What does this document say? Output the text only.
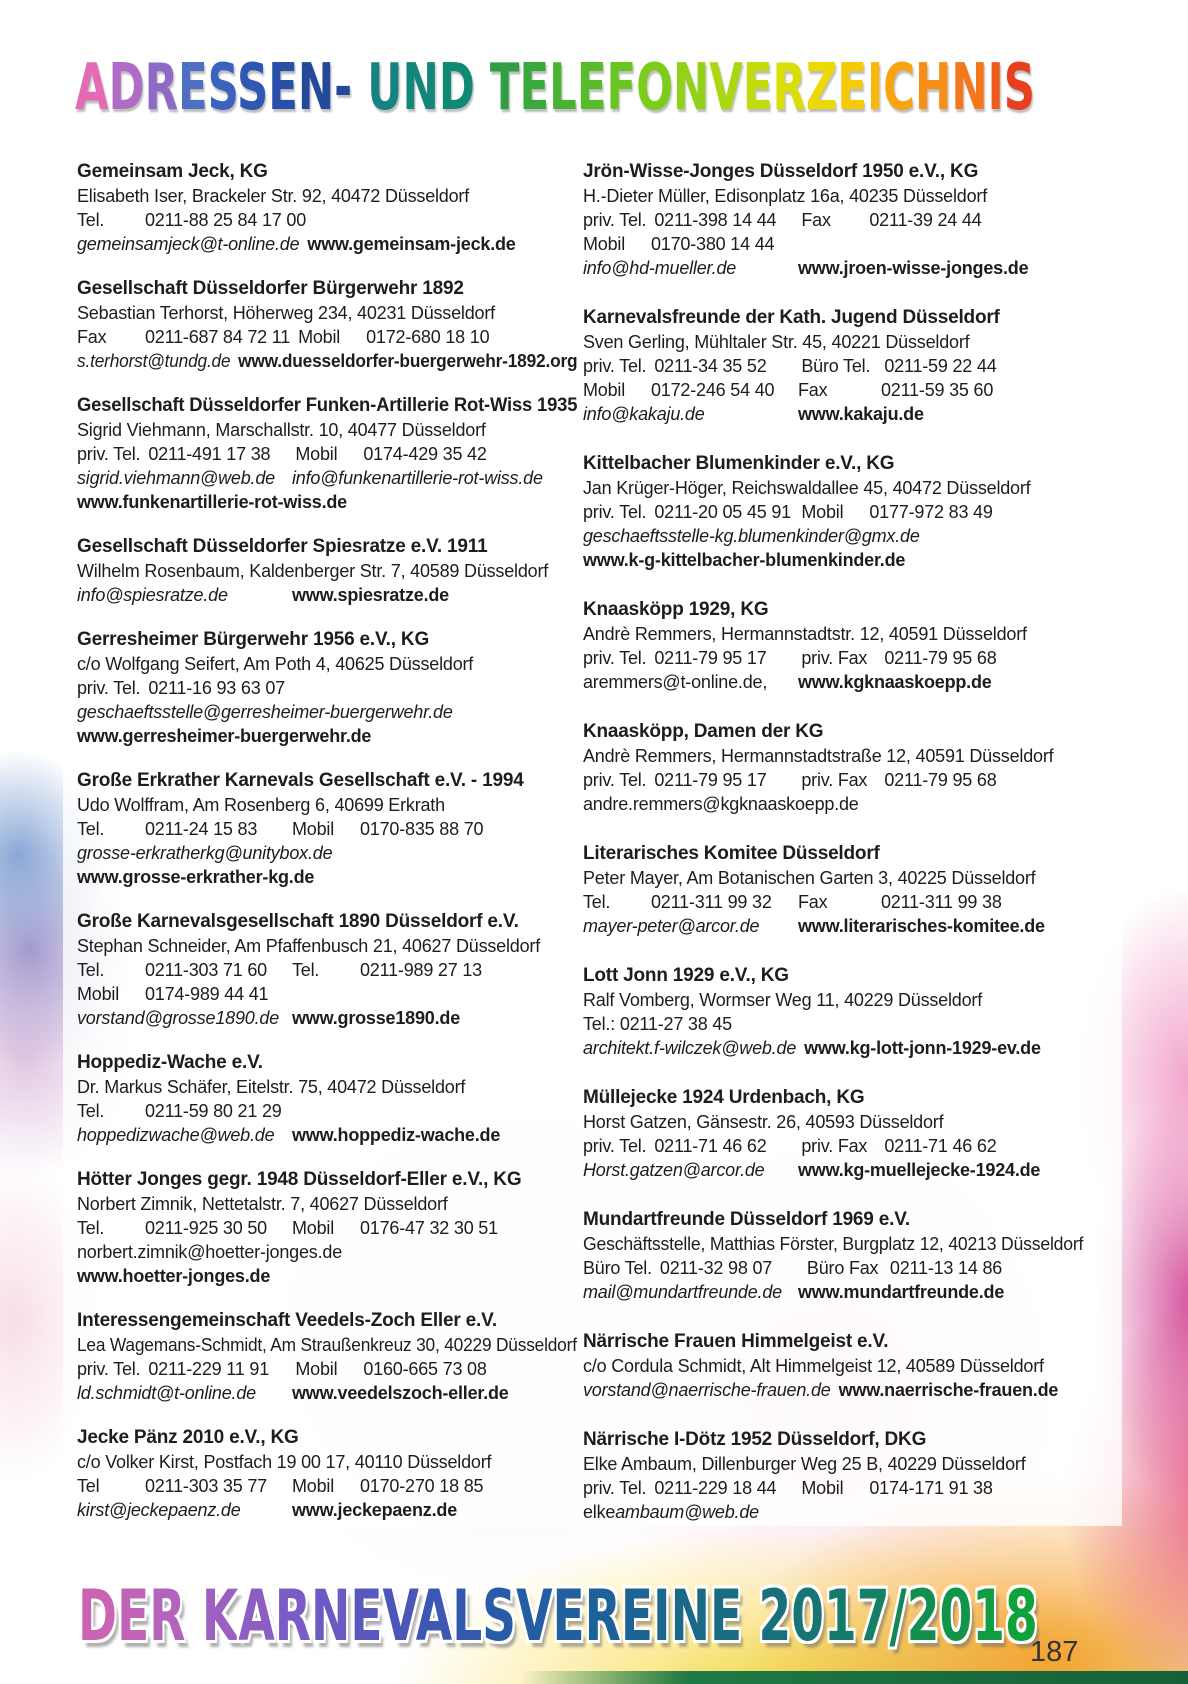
ADRESSEN- UND TELEFONVERZEICHNIS
Gemeinsam Jeck, KG
Elisabeth Iser, Brackeler Str. 92, 40472 Düsseldorf
Tel.	0211-88 25 84 17 00
gemeinsamjeck@t-online.de www.gemeinsam-jeck.de
Gesellschaft Düsseldorfer Bürgerwehr 1892
Sebastian Terhorst, Höherweg 234, 40231 Düsseldorf
Fax	0211-687 84 72 11 Mobil	0172-680 18 10
s.terhorst@tundg.de www.duesseldorfer-buergerwehr-1892.org
Gesellschaft Düsseldorfer Funken-Artillerie Rot-Wiss 1935
Sigrid Viehmann, Marschallstr. 10, 40477 Düsseldorf
priv. Tel. 0211-491 17 38	Mobil	0174-429 35 42
sigrid.viehmann@web.de info@funkenartillerie-rot-wiss.de
www.funkenartillerie-rot-wiss.de
Gesellschaft Düsseldorfer Spiesratze e.V. 1911
Wilhelm Rosenbaum, Kaldenberger Str. 7, 40589 Düsseldorf
info@spiesratze.de	www.spiesratze.de
Gerresheimer Bürgerwehr 1956 e.V., KG
c/o Wolfgang Seifert, Am Poth 4, 40625 Düsseldorf
priv. Tel. 0211-16 93 63 07
geschaeftsstelle@gerresheimer-buergerwehr.de
www.gerresheimer-buergerwehr.de
Große Erkrather Karnevals Gesellschaft e.V. - 1994
Udo Wolffram, Am Rosenberg 6, 40699 Erkrath
Tel.	0211-24 15 83	Mobil	0170-835 88 70
grosse-erkratherkg@unitybox.de
www.grosse-erkrather-kg.de
Große Karnevalsgesellschaft 1890 Düsseldorf e.V.
Stephan Schneider, Am Pfaffenbusch 21, 40627 Düsseldorf
Tel.	0211-303 71 60	Tel.	0211-989 27 13
Mobil	0174-989 44 41
vorstand@grosse1890.de www.grosse1890.de
Hoppediz-Wache e.V.
Dr. Markus Schäfer, Eitelstr. 75, 40472 Düsseldorf
Tel.	0211-59 80 21 29
hoppedizwache@web.de www.hoppediz-wache.de
Hötter Jonges gegr. 1948 Düsseldorf-Eller e.V., KG
Norbert Zimnik, Nettetalstr. 7, 40627 Düsseldorf
Tel.	0211-925 30 50	Mobil	0176-47 32 30 51
norbert.zimnik@hoetter-jonges.de
www.hoetter-jonges.de
Interessengemeinschaft Veedels-Zoch Eller e.V.
Lea Wagemans-Schmidt, Am Straußenkreuz 30, 40229 Düsseldorf
priv. Tel. 0211-229 11 91	Mobil	0160-665 73 08
ld.schmidt@t-online.de	www.veedelszoch-eller.de
Jecke Pänz 2010 e.V., KG
c/o Volker Kirst, Postfach 19 00 17, 40110 Düsseldorf
Tel	0211-303 35 77	Mobil	0170-270 18 85
kirst@jeckepaenz.de	www.jeckepaenz.de
Jrön-Wisse-Jonges Düsseldorf 1950 e.V., KG
H.-Dieter Müller, Edisonplatz 16a, 40235 Düsseldorf
priv. Tel. 0211-398 14 44	Fax	0211-39 24 44
Mobil	0170-380 14 44
info@hd-mueller.de	www.jroen-wisse-jonges.de
Karnevalsfreunde der Kath. Jugend Düsseldorf
Sven Gerling, Mühltaler Str. 45, 40221 Düsseldorf
priv. Tel. 0211-34 35 52	Büro Tel. 0211-59 22 44
Mobil	0172-246 54 40	Fax	0211-59 35 60
info@kakaju.de	www.kakaju.de
Kittelbacher Blumenkinder e.V., KG
Jan Krüger-Höger, Reichswaldallee 45, 40472 Düsseldorf
priv. Tel. 0211-20 05 45 91 Mobil	0177-972 83 49
geschaeftsstelle-kg.blumenkinder@gmx.de
www.k-g-kittelbacher-blumenkinder.de
Knaasköpp 1929, KG
Andrè Remmers, Hermannstadtstr. 12, 40591 Düsseldorf
priv. Tel. 0211-79 95 17	priv. Fax 0211-79 95 68
aremmers@t-online.de,	www.kgknaaskoepp.de
Knaasköpp, Damen der KG
Andrè Remmers, Hermannstadtstraße 12, 40591 Düsseldorf
priv. Tel. 0211-79 95 17	priv. Fax 0211-79 95 68
andre.remmers@kgknaaskoepp.de
Literarisches Komitee Düsseldorf
Peter Mayer, Am Botanischen Garten 3, 40225 Düsseldorf
Tel.	0211-311 99 32	Fax	0211-311 99 38
mayer-peter@arcor.de	www.literarisches-komitee.de
Lott Jonn 1929 e.V., KG
Ralf Vomberg, Wormser Weg 11, 40229 Düsseldorf
Tel.: 0211-27 38 45
architekt.f-wilczek@web.de www.kg-lott-jonn-1929-ev.de
Müllejecke 1924 Urdenbach, KG
Horst Gatzen, Gänsestr. 26, 40593 Düsseldorf
priv. Tel. 0211-71 46 62	priv. Fax 0211-71 46 62
Horst.gatzen@arcor.de	www.kg-muellejecke-1924.de
Mundartfreunde Düsseldorf 1969 e.V.
Geschäftsstelle, Matthias Förster, Burgplatz 12, 40213 Düsseldorf
Büro Tel. 0211-32 98 07	Büro Fax 0211-13 14 86
mail@mundartfreunde.de www.mundartfreunde.de
Närrische Frauen Himmelgeist e.V.
c/o Cordula Schmidt, Alt Himmelgeist 12, 40589 Düsseldorf
vorstand@naerrische-frauen.de www.naerrische-frauen.de
Närrische I-Dötz 1952 Düsseldorf, DKG
Elke Ambaum, Dillenburger Weg 25 B, 40229 Düsseldorf
priv. Tel. 0211-229 18 44	Mobil	0174-171 91 38
elke ambaum@web.de
DER KARNEVALSVEREINE 2017/2018
187
